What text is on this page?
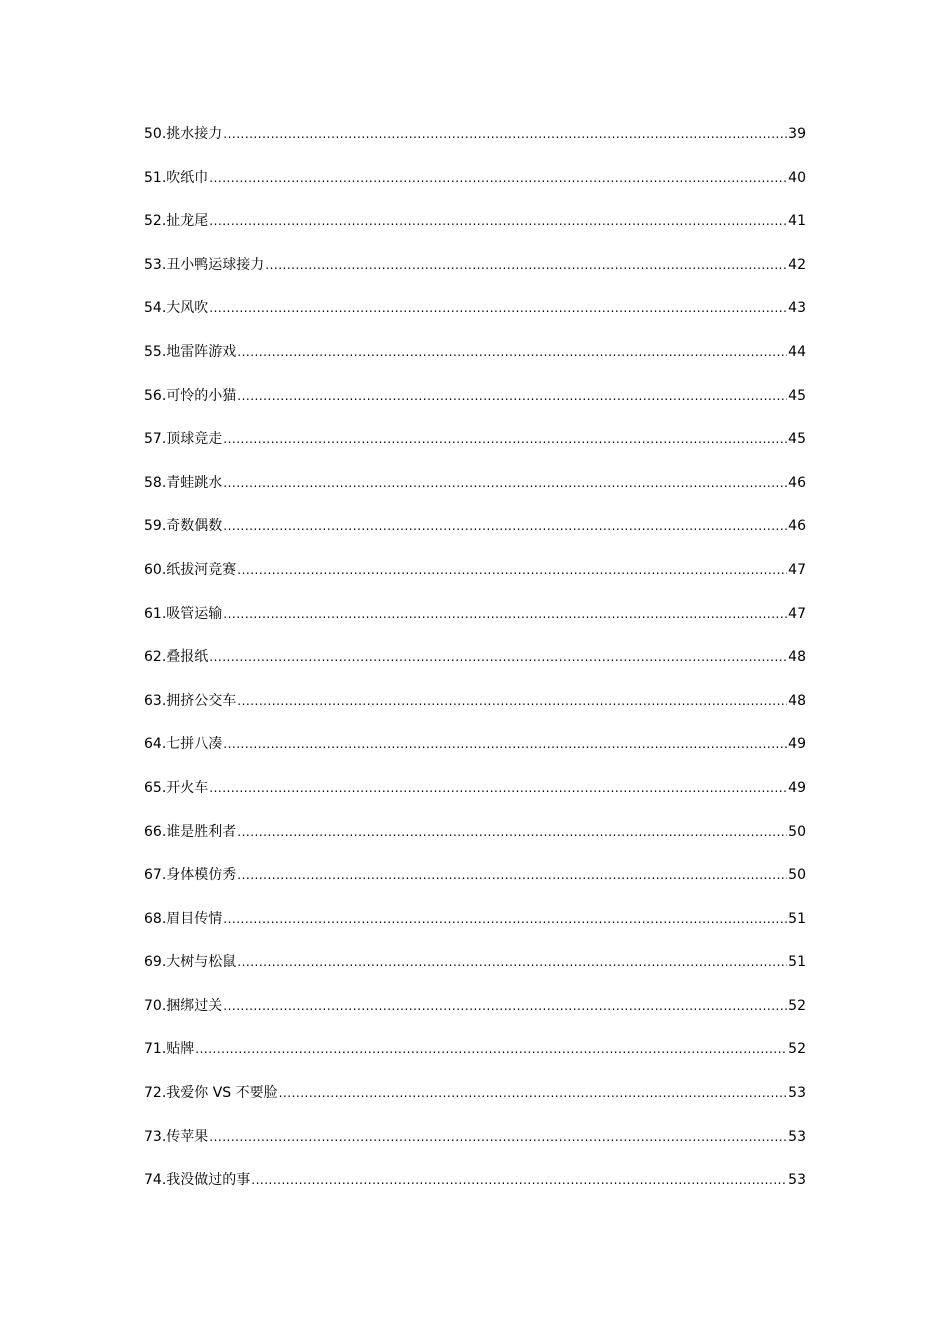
50.挑水接力 .....	39
51.吹纸巾 .....	40
52.扯龙尾 .....	41
53.丑小鸭运球接力 .....	42
54.大风吹 .....	43
55.地雷阵游戏 .....	44
56.可怜的小猫 .....	45
57.顶球竞走 .....	45
58.青蛙跳水 .....	46
59.奇数偶数 .....	46
60.纸拔河竞赛 .....	47
61.吸管运输 .....	47
62.叠报纸 .....	48
63.拥挤公交车 .....	48
64.七拼八凑 .....	49
65.开火车 .....	49
66.谁是胜利者 .....	50
67.身体模仿秀 .....	50
68.眉目传情 .....	51
69.大树与松鼠 .....	51
70.捆绑过关 .....	52
71.贴牌 .....	52
72.我爱你 VS 不要脸 .....	53
73.传苹果 .....	53
74.我没做过的事 .....	53
